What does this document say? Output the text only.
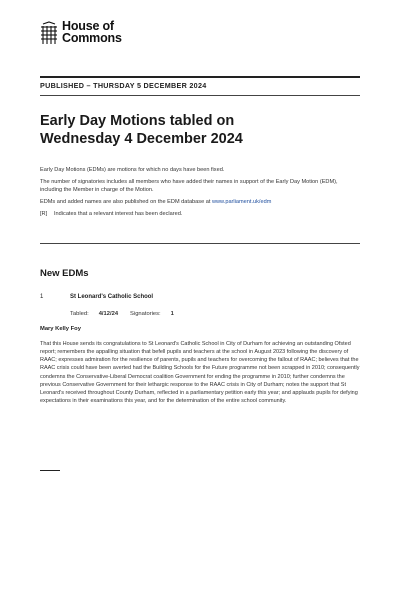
House of
Commons
PUBLISHED – THURSDAY 5 DECEMBER 2024
Early Day Motions tabled on
Wednesday 4 December 2024

Early Day Motions (EDMs) are motions for which no days have been fixed.

The number of signatories includes all members who have added their names in support of the Early Day Motion (EDM), including the Member in charge of the Motion.

EDMs and added names are also published on the EDM database at www.parliament.uk/edm

[R]	Indicates that a relevant interest has been declared.

New EDMs
1	St Leonard's Catholic School
Tabled: 4/12/24 Signatories: 1
Mary Kelly Foy

That this House sends its congratulations to St Leonard's Catholic School in City of Durham for achieving an outstanding Ofsted report; remembers the appalling situation that befell pupils and teachers at the school in August 2023 following the discovery of RAAC; expresses admiration for the resilience of parents, pupils and teachers for overcoming the fallout of RAAC; believes that the RAAC crisis could have been averted had the Building Schools for the Future programme not been scrapped in 2010; consequently condemns the Conservative-Liberal Democrat coalition Government for ending the programme in 2010; further condemns the previous Conservative Government for their lethargic response to the RAAC crisis in City of Durham; notes the support that St Leonard's received throughout County Durham, reflected in a parliamentary petition early this year; and applauds pupils for defying expectations in their examinations this year, and for the determination of the entire school community.
